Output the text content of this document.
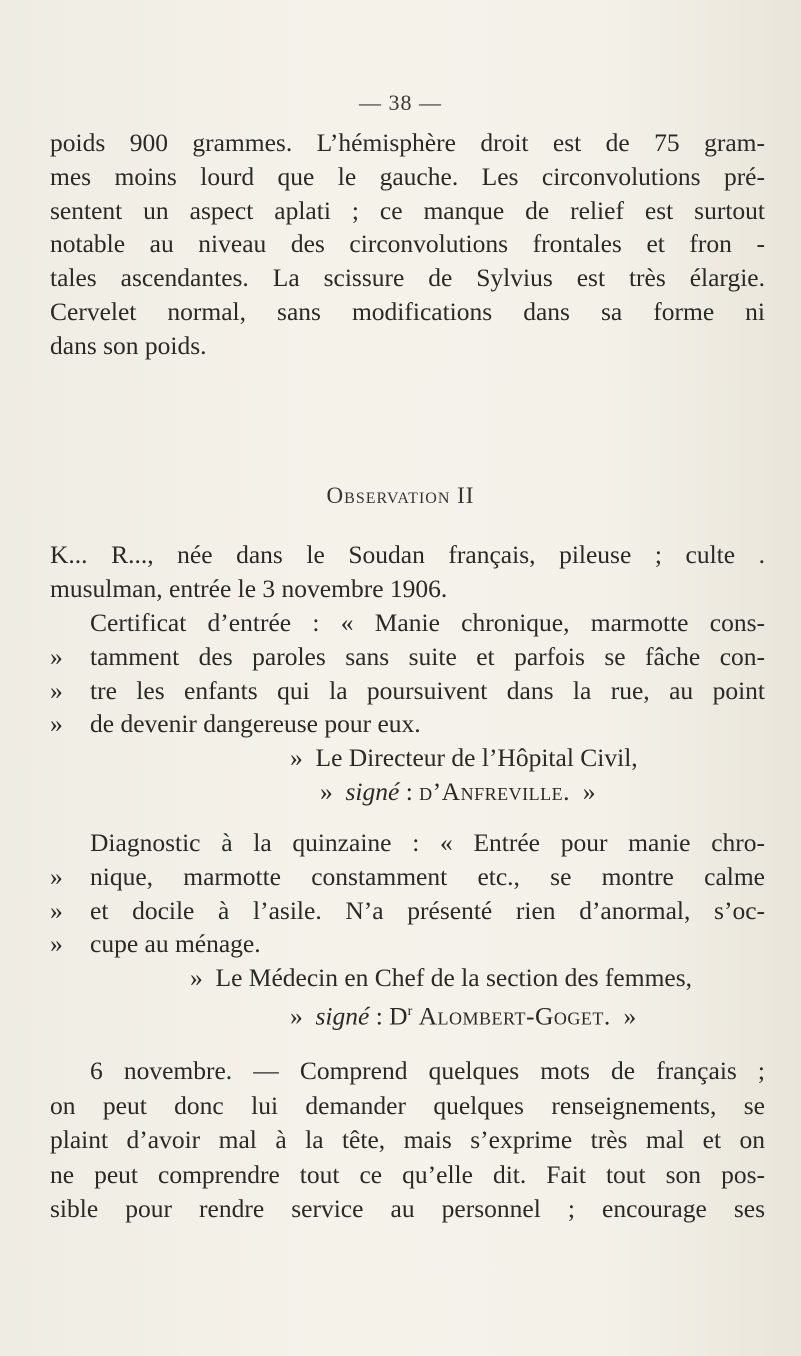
— 38 —
poids 900 grammes. L’hémisphère droit est de 75 gram-
mes moins lourd que le gauche. Les circonvolutions pré-
sentent un aspect aplati ; ce manque de relief est surtout
notable au niveau des circonvolutions frontales et fron -
tales ascendantes. La scissure de Sylvius est très élargie.
Cervelet normal, sans modifications dans sa forme ni
dans son poids.
Observation II
K... R..., née dans le Soudan français, pileuse ; culte .
musulman, entrée le 3 novembre 1906.
Certificat d’entrée : « Manie chronique, marmotte cons-
» tamment des paroles sans suite et parfois se fâche con-
» tre les enfants qui la poursuivent dans la rue, au point
» de devenir dangereuse pour eux.
» Le Directeur de l’Hôpital Civil,
» signé : d’Anfreville. »
Diagnostic à la quinzaine : « Entrée pour manie chro-
» nique, marmotte constamment etc., se montre calme
» et docile à l’asile. N’a présenté rien d’anormal, s’oc-
» cupe au ménage.
» Le Médecin en Chef de la section des femmes,
» signé : $D^r$ Alombert-Goget. »
6 novembre. — Comprend quelques mots de français ;
on peut donc lui demander quelques renseignements, se
plaint d’avoir mal à la tête, mais s’exprime très mal et on
ne peut comprendre tout ce qu’elle dit. Fait tout son pos-
sible pour rendre service au personnel ; encourage ses
